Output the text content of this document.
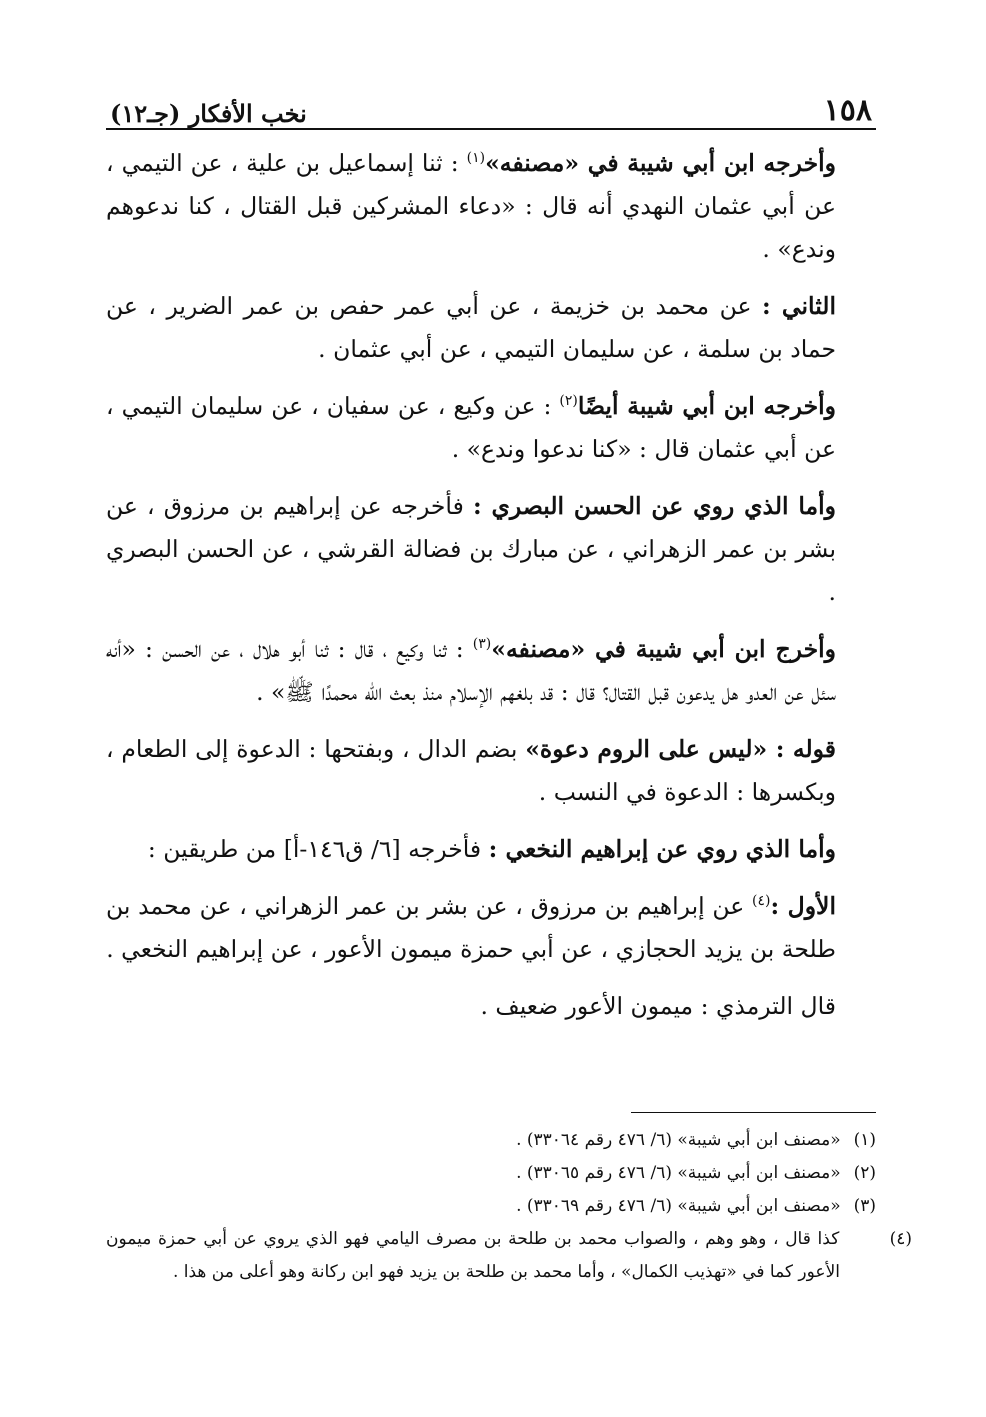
١٥٨
نخب الأفكار (جـ١٢)

وأخرجه ابن أبي شيبة في «مصنفه»$^{(١)}$ : ثنا إسماعيل بن علية ، عن التيمي ، عن أبي عثمان النهدي أنه قال : «دعاء المشركين قبل القتال ، كنا ندعوهم وندع» .

الثاني : عن محمد بن خزيمة ، عن أبي عمر حفص بن عمر الضرير ، عن حماد بن سلمة ، عن سليمان التيمي ، عن أبي عثمان .

وأخرجه ابن أبي شيبة أيضًا$^{(٢)}$ : عن وكيع ، عن سفيان ، عن سليمان التيمي ، عن أبي عثمان قال : «كنا ندعوا وندع» .

وأما الذي روي عن الحسن البصري : فأخرجه عن إبراهيم بن مرزوق ، عن بشر بن عمر الزهراني ، عن مبارك بن فضالة القرشي ، عن الحسن البصري .

وأخرج ابن أبي شيبة في «مصنفه»$^{(٣)}$ : ثنا وكيع ، قال : ثنا أبو هلال ، عن الحسن : «أنه سئل عن العدو هل يدعون قبل القتال؟ قال : قد بلغهم الإسلام منذ بعث الله محمدًا ﷺ» .

قوله : «ليس على الروم دعوة» بضم الدال ، وبفتحها : الدعوة إلى الطعام ، وبكسرها : الدعوة في النسب .

وأما الذي روي عن إبراهيم النخعي : فأخرجه [٦/ ق١٤٦-أ] من طريقين :

الأول :$^{(٤)}$ عن إبراهيم بن مرزوق ، عن بشر بن عمر الزهراني ، عن محمد بن طلحة بن يزيد الحجازي ، عن أبي حمزة ميمون الأعور ، عن إبراهيم النخعي .

قال الترمذي : ميمون الأعور ضعيف .

(١) «مصنف ابن أبي شيبة» (٦/ ٤٧٦ رقم ٣٣٠٦٤) .

(٢) «مصنف ابن أبي شيبة» (٦/ ٤٧٦ رقم ٣٣٠٦٥) .

(٣) «مصنف ابن أبي شيبة» (٦/ ٤٧٦ رقم ٣٣٠٦٩) .

(٤) كذا قال ، وهو وهم ، والصواب محمد بن طلحة بن مصرف اليامي فهو الذي يروي عن أبي حمزة ميمون الأعور كما في «تهذيب الكمال» ، وأما محمد بن طلحة بن يزيد فهو ابن ركانة وهو أعلى من هذا .
